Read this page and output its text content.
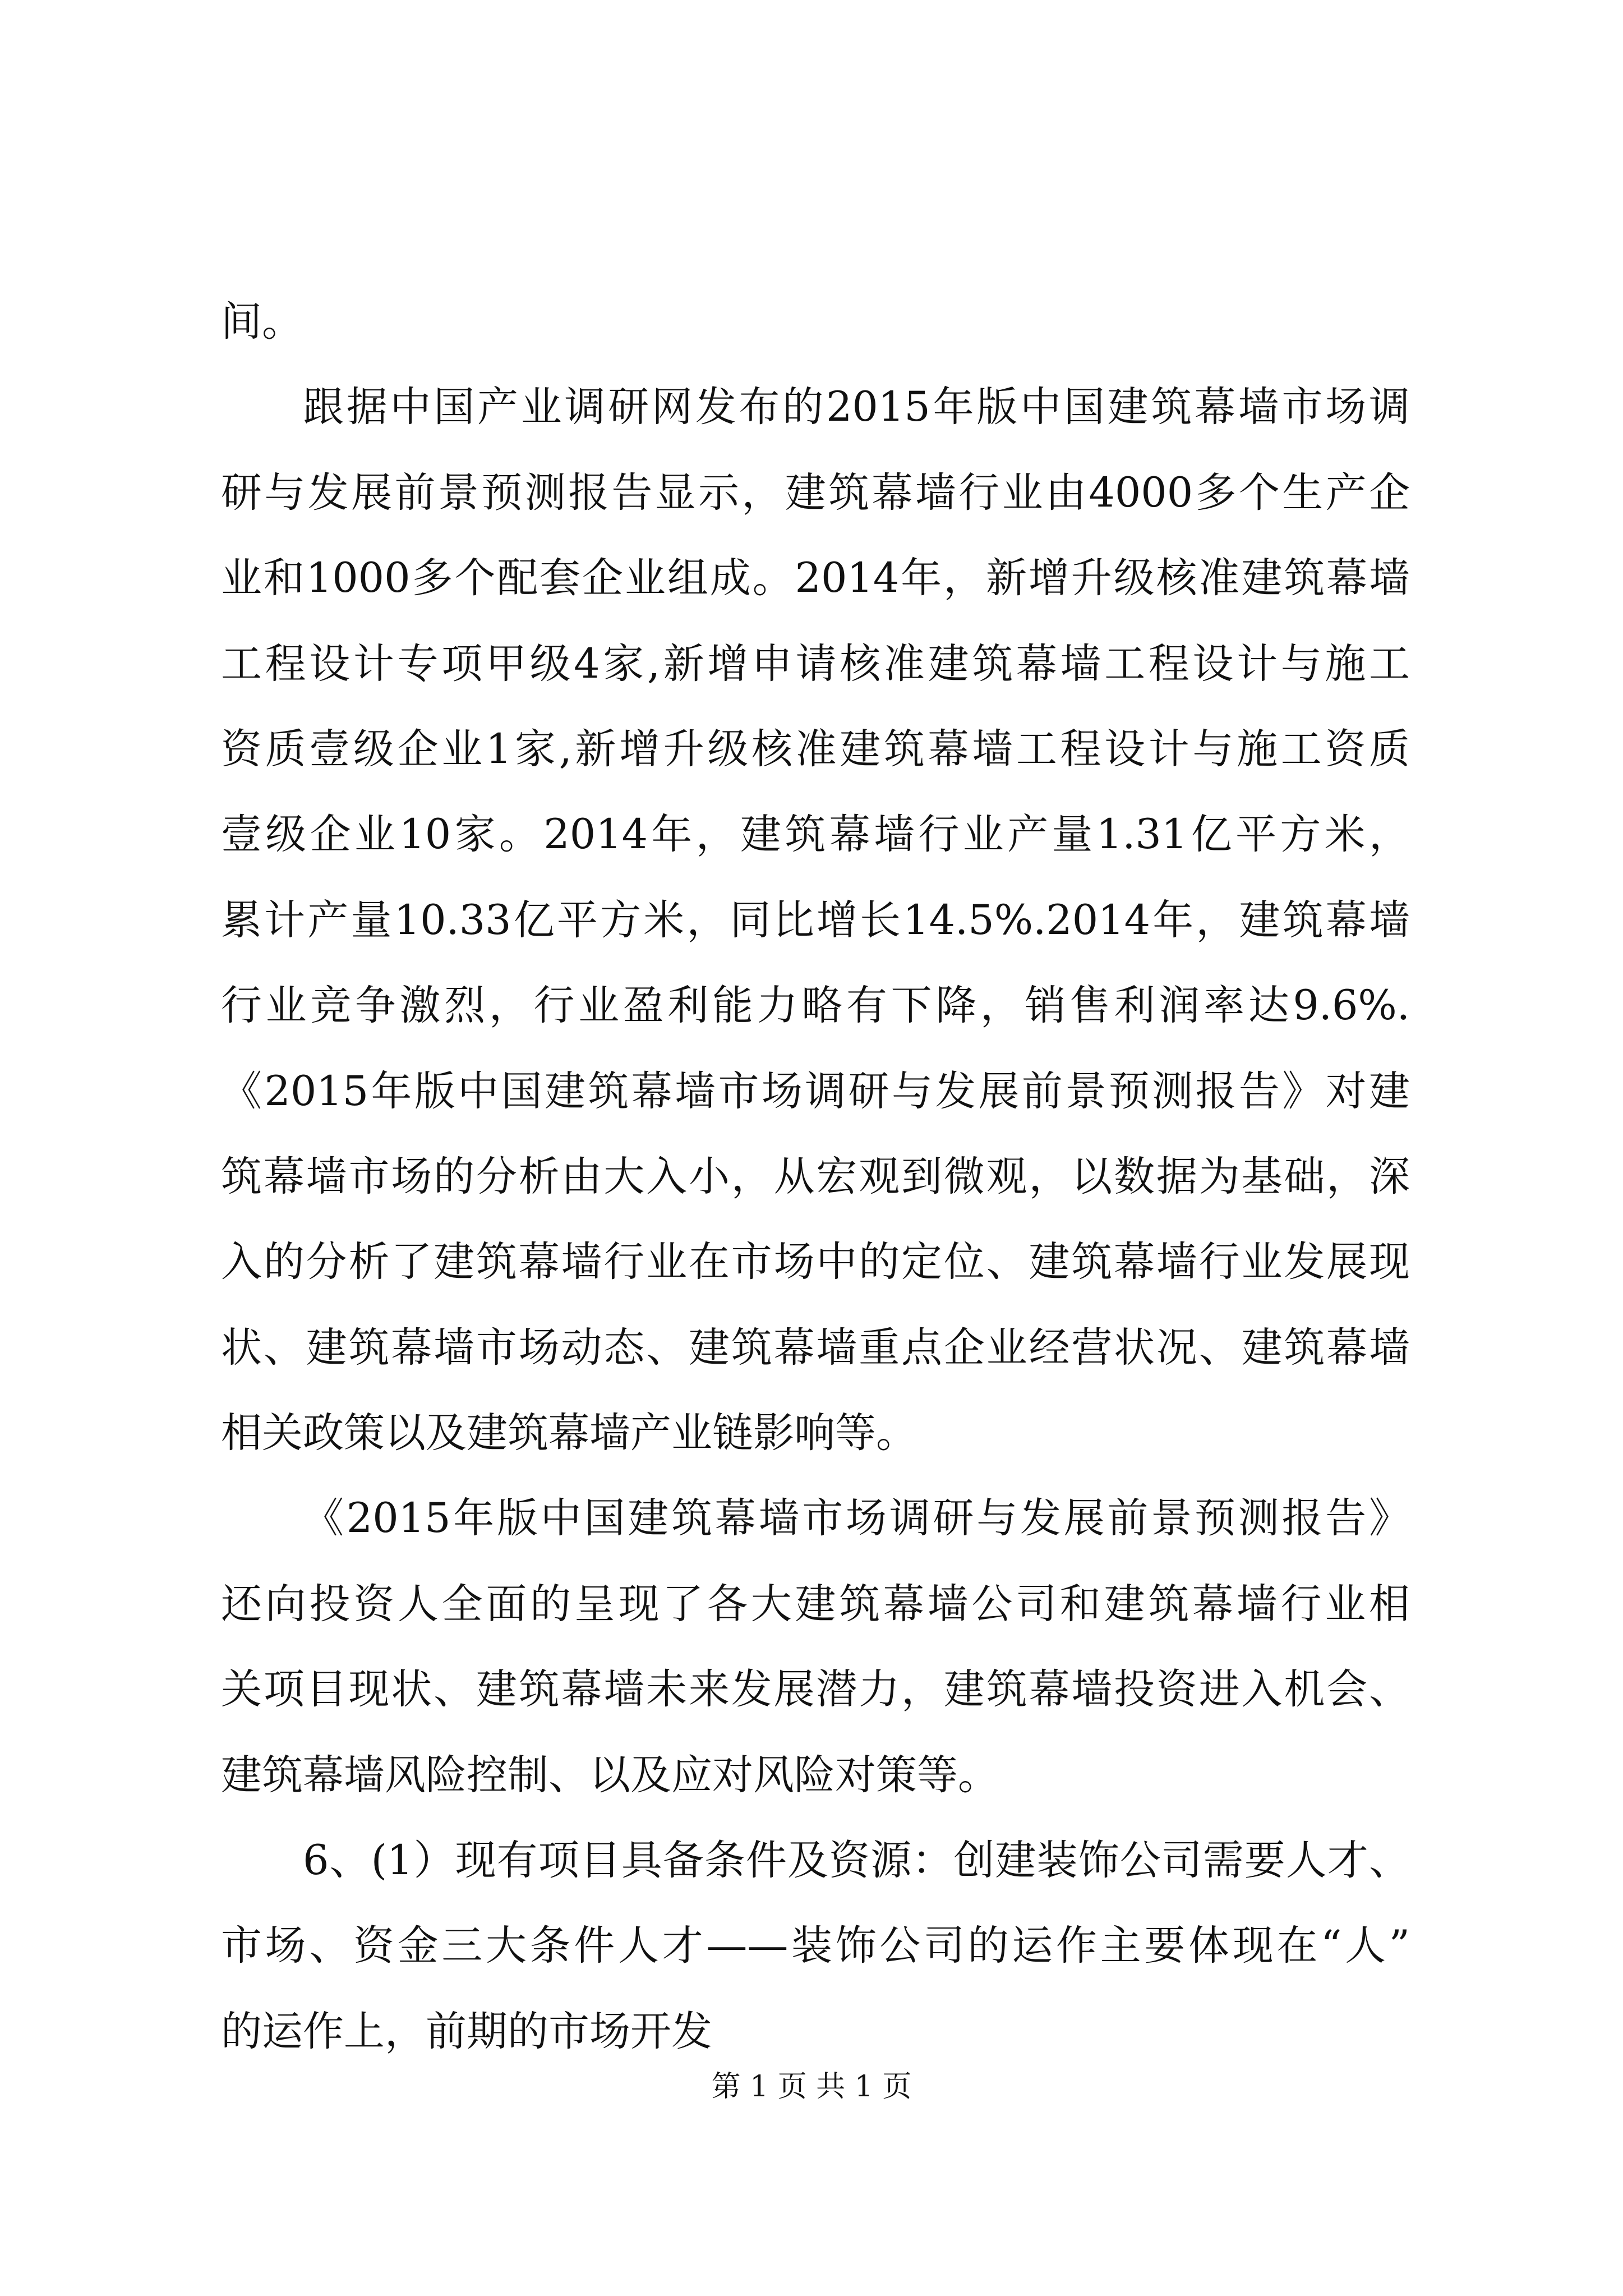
间。
跟据中国产业调研网发布的2015年版中国建筑幕墙市场调
研与发展前景预测报告显示，建筑幕墙行业由4000多个生产企
业和1000多个配套企业组成。2014年，新增升级核准建筑幕墙
工程设计专项甲级4家,新增申请核准建筑幕墙工程设计与施工
资质壹级企业1家,新增升级核准建筑幕墙工程设计与施工资质
壹级企业10家。2014年，建筑幕墙行业产量1.31亿平方米，
累计产量10.33亿平方米，同比增长14.5%.2014年，建筑幕墙
行业竞争激烈，行业盈利能力略有下降，销售利润率达9.6%.
《2015年版中国建筑幕墙市场调研与发展前景预测报告》对建
筑幕墙市场的分析由大入小，从宏观到微观，以数据为基础，深
入的分析了建筑幕墙行业在市场中的定位、建筑幕墙行业发展现
状、建筑幕墙市场动态、建筑幕墙重点企业经营状况、建筑幕墙
相关政策以及建筑幕墙产业链影响等。
《2015年版中国建筑幕墙市场调研与发展前景预测报告》
还向投资人全面的呈现了各大建筑幕墙公司和建筑幕墙行业相
关项目现状、建筑幕墙未来发展潜力，建筑幕墙投资进入机会、
建筑幕墙风险控制、以及应对风险对策等。
6、(1）现有项目具备条件及资源：创建装饰公司需要人才、
市场、资金三大条件人才——装饰公司的运作主要体现在“人”
的运作上，前期的市场开发
第 1 页 共 1 页
